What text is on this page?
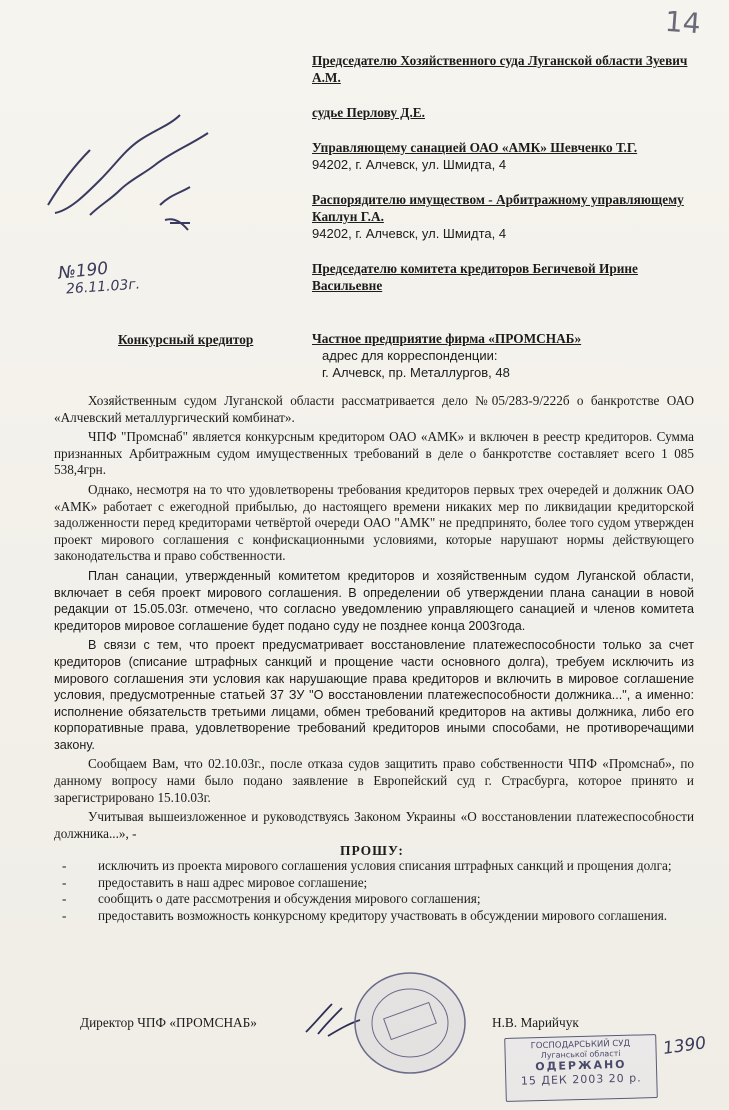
14
Председателю Хозяйственного суда Луганской области Зуевич А.М.
судье Перлову Д.Е.
Управляющему санацией ОАО «АМК» Шевченко Т.Г.
94202, г. Алчевск, ул. Шмидта, 4
Распорядителю имуществом - Арбитражному управляющему Каплун Г.А.
94202, г. Алчевск, ул. Шмидта, 4
Председателю комитета кредиторов Бегичевой Ирине Васильевне
№190
26.11.03г.
Конкурсный кредитор	Частное предприятие фирма «ПРОМСНАБ»
адрес для корреспонденции:
г. Алчевск, пр. Металлургов, 48

Хозяйственным судом Луганской области рассматривается дело №05/283-9/222б о банкротстве ОАО «Алчевский металлургический комбинат».

ЧПФ "Промснаб" является конкурсным кредитором ОАО «АМК» и включен в реестр кредиторов. Сумма признанных Арбитражным судом имущественных требований в деле о банкротстве составляет всего 1 085 538,4грн.

Однако, несмотря на то что удовлетворены требования кредиторов первых трех очередей и должник ОАО «АМК» работает с ежегодной прибылью, до настоящего времени никаких мер по ликвидации кредиторской задолженности перед кредиторами четвёртой очереди ОАО "АМК" не предпринято, более того судом утвержден проект мирового соглашения с конфискационными условиями, которые нарушают нормы действующего законодательства и право собственности.

План санации, утвержденный комитетом кредиторов и хозяйственным судом Луганской области, включает в себя проект мирового соглашения. В определении об утверждении плана санации в новой редакции от 15.05.03г. отмечено, что согласно уведомлению управляющего санацией и членов комитета кредиторов мировое соглашение будет подано суду не позднее конца 2003года.

В связи с тем, что проект предусматривает восстановление платежеспособности только за счет кредиторов (списание штрафных санкций и прощение части основного долга), требуем исключить из мирового соглашения эти условия как нарушающие права кредиторов и включить в мировое соглашение условия, предусмотренные статьей 37 ЗУ "О восстановлении платежеспособности должника...", а именно: исполнение обязательств третьими лицами, обмен требований кредиторов на активы должника, либо его корпоративные права, удовлетворение требований кредиторов иными способами, не противоречащими закону.

Сообщаем Вам, что 02.10.03г., после отказа судов защитить право собственности ЧПФ «Промснаб», по данному вопросу нами было подано заявление в Европейский суд г. Страсбурга, которое принято и зарегистрировано 15.10.03г.

Учитывая вышеизложенное и руководствуясь Законом Украины «О восстановлении платежеспособности должника...», -

ПРОШУ:
- исключить из проекта мирового соглашения условия списания штрафных санкций и прощения долга;
- предоставить в наш адрес мировое соглашение;
- сообщить о дате рассмотрения и обсуждения мирового соглашения;
- предоставить возможность конкурсному кредитору участвовать в обсуждении мирового соглашения.
Директор ЧПФ «ПРОМСНАБ»	Н.В. Марийчук
ГОСПОДАРСЬКИЙ СУД
Луганської області
ОДЕРЖАНО
15 ДЕК 2003 20 р.
1390
